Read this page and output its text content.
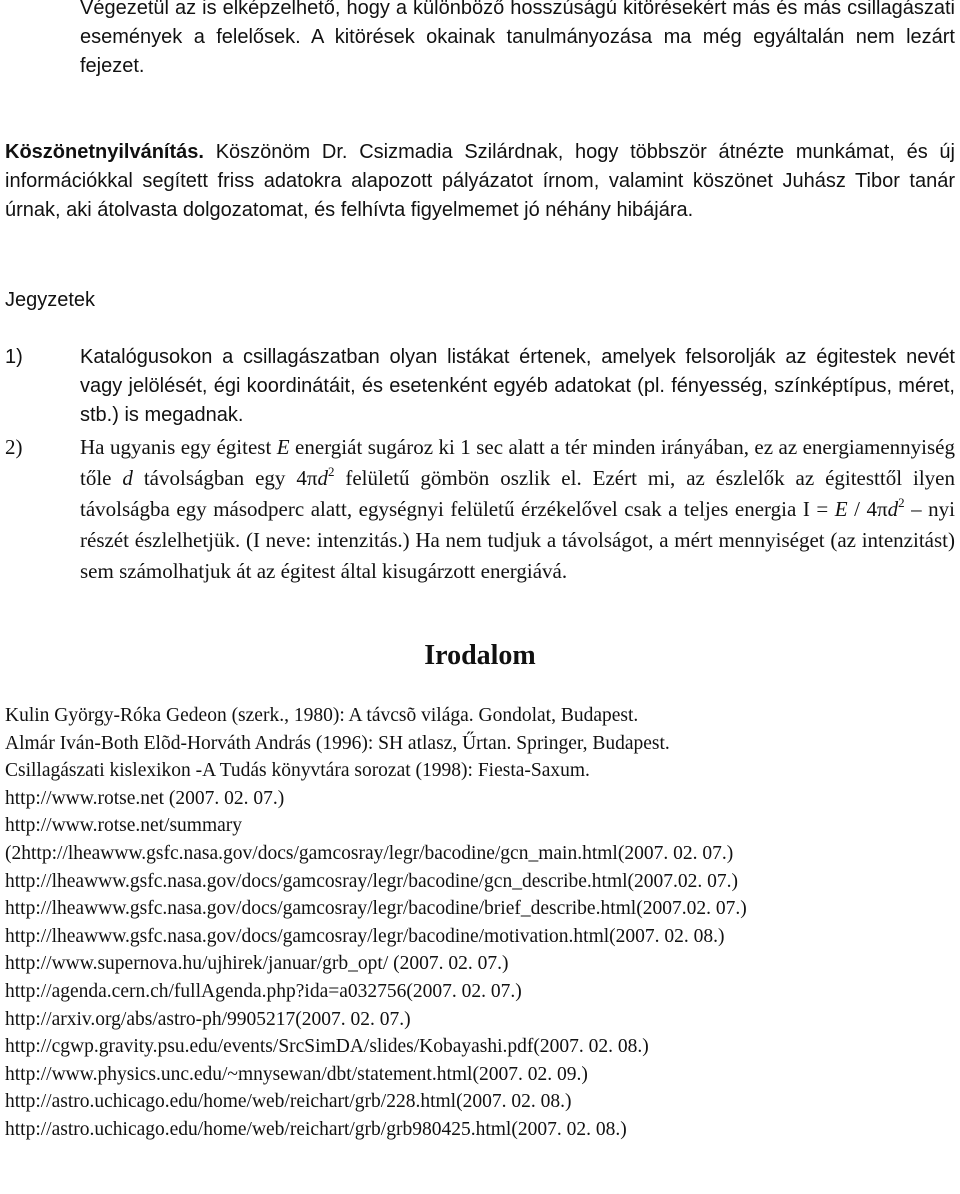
Végezetül az is elképzelhető, hogy a különböző hosszúságú kitörésekért más és más csillagászati események a felelősek. A kitörések okainak tanulmányozása ma még egyáltalán nem lezárt fejezet.

Köszönetnyilvánítás. Köszönöm Dr. Csizmadia Szilárdnak, hogy többször átnézte munkámat, és új információkkal segített friss adatokra alapozott pályázatot írnom, valamint köszönet Juhász Tibor tanár úrnak, aki átolvasta dolgozatomat, és felhívta figyelmemet jó néhány hibájára.

Jegyzetek
1)	Katalógusokon a csillagászatban olyan listákat értenek, amelyek felsorolják az égitestek nevét vagy jelölését, égi koordinátáit, és esetenként egyéb adatokat (pl. fényesség, színképtípus, méret, stb.) is megadnak.
2)	Ha ugyanis egy égitest E energiát sugároz ki 1 sec alatt a tér minden irányában, ez az energiamennyiség tőle d távolságban egy $4\pi d^2$ felületű gömbön oszlik el. Ezért mi, az észlelők az égitesttől ilyen távolságba egy másodperc alatt, egységnyi felületű érzékelővel csak a teljes energia $I = E / 4\pi d^2$ – nyi részét észlelhetjük. (I neve: intenzitás.) Ha nem tudjuk a távolságot, a mért mennyiséget (az intenzitást) sem számolhatjuk át az égitest által kisugárzott energiává.
Irodalom
Kulin György-Róka Gedeon (szerk., 1980): A távcsõ világa. Gondolat, Budapest.
Almár Iván-Both Elõd-Horváth András (1996): SH atlasz, Űrtan. Springer, Budapest.
Csillagászati kislexikon -A Tudás könyvtára sorozat (1998): Fiesta-Saxum.
http://www.rotse.net (2007. 02. 07.)
http://www.rotse.net/summary
(2http://lheawww.gsfc.nasa.gov/docs/gamcosray/legr/bacodine/gcn_main.html(2007. 02. 07.)
http://lheawww.gsfc.nasa.gov/docs/gamcosray/legr/bacodine/gcn_describe.html(2007.02. 07.)
http://lheawww.gsfc.nasa.gov/docs/gamcosray/legr/bacodine/brief_describe.html(2007.02. 07.)
http://lheawww.gsfc.nasa.gov/docs/gamcosray/legr/bacodine/motivation.html(2007. 02. 08.)
http://www.supernova.hu/ujhirek/januar/grb_opt/ (2007. 02. 07.)
http://agenda.cern.ch/fullAgenda.php?ida=a032756(2007. 02. 07.)
http://arxiv.org/abs/astro-ph/9905217(2007. 02. 07.)
http://cgwp.gravity.psu.edu/events/SrcSimDA/slides/Kobayashi.pdf(2007. 02. 08.)
http://www.physics.unc.edu/~mnysewan/dbt/statement.html(2007. 02. 09.)
http://astro.uchicago.edu/home/web/reichart/grb/228.html(2007. 02. 08.)
http://astro.uchicago.edu/home/web/reichart/grb/grb980425.html(2007. 02. 08.)
